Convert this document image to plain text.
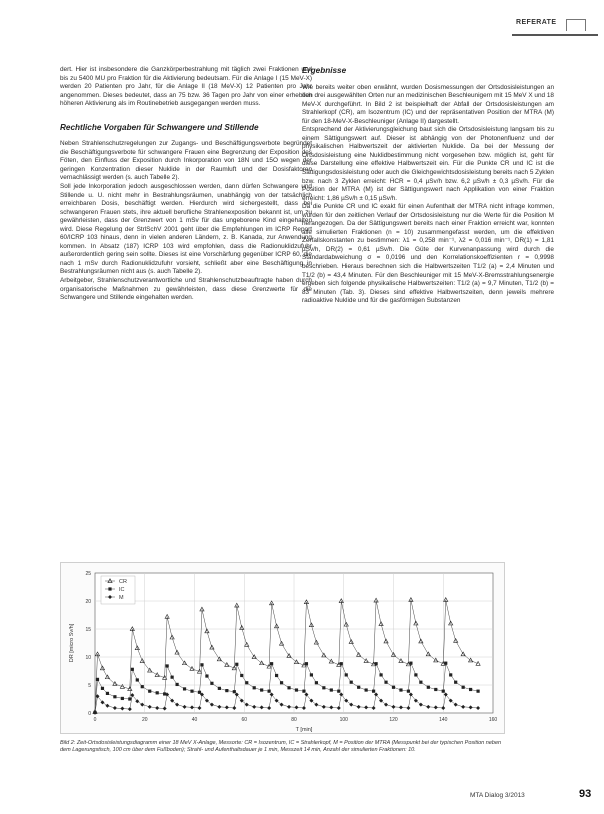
REFERATE

dert. Hier ist insbesondere die Ganzkörperbestrahlung mit täglich zwei Fraktionen und bis zu 5400 MU pro Fraktion für die Aktivierung bedeutsam. Für die Anlage I (15 MeV-X) werden 20 Patienten pro Jahr, für die Anlage II (18 MeV-X) 12 Patienten pro Jahr angenommen. Dieses bedeutet, dass an 75 bzw. 36 Tagen pro Jahr von einer erheblich höheren Aktivierung als im Routinebetrieb ausgegangen werden muss.

Rechtliche Vorgaben für Schwangere und Stillende

Neben Strahlenschutzregelungen zur Zugangs- und Beschäftigungsverbote begründet die Beschäftigungsverbote für schwangere Frauen eine Begrenzung der Exposition des Föten, den Einfluss der Exposition durch Inkorporation von 18N und 15O wegen der geringen Konzentration dieser Nuklide in der Raumluft und der Dosisfaktoren vernachlässigt werden (s. auch Tabelle 2).

Soll jede Inkorporation jedoch ausgeschlossen werden, dann dürfen Schwangere und Stillende u. U. nicht mehr in Bestrahlungsräumen, unabhängig von der tatsächlich erreichbaren Dosis, beschäftigt werden. Hierdurch wird sichergestellt, dass bei schwangeren Frauen stets, ihre aktuell berufliche Strahlenexposition bekannt ist, um zu gewährleisten, dass der Grenzwert von 1 mSv für das ungeborene Kind eingehalten wird. Diese Regelung der StrlSchV 2001 geht über die Empfehlungen im ICRP Report 60/ICRP 103 hinaus, denn in vielen anderen Ländern, z. B. Kanada, zur Anwendung kommen. In Absatz (187) ICRP 103 wird empfohlen, dass die Radionuklidzufuhr außerordentlich gering sein sollte. Dieses ist eine Vorschärfung gegenüber ICRP 60, die nach 1 mSv durch Radionuklidzufuhr vorsieht, schließt aber eine Beschäftigung in Bestrahlungsräumen nicht aus (s. auch Tabelle 2).

Arbeitgeber, Strahlenschutzverantwortliche und Strahlenschutzbeauftragte haben durch organisatorische Maßnahmen zu gewährleisten, dass diese Grenzwerte für die Schwangere und Stillende eingehalten werden.

Ergebnisse

Wie bereits weiter oben erwähnt, wurden Dosismessungen der Ortsdosisleistungen an den drei ausgewählten Orten nur an medizinischen Beschleunigern mit 15 MeV X und 18 MeV-X durchgeführt. In Bild 2 ist beispielhaft der Abfall der Ortsdosisleistungen am Strahlerkopf (CR), am Isozentrum (IC) und der repräsentativen Position der MTRA (M) für den 18-MeV-X-Beschleuniger (Anlage II) dargestellt.

Entsprechend der Aktivierungsgleichung baut sich die Ortsdosisleistung langsam bis zu einem Sättigungswert auf. Dieser ist abhängig von der Photonenfluenz und der physikalischen Halbwertszeit der aktivierten Nuklide. Da bei der Messung der Ortsdosisleistung eine Nuklidbestimmung nicht vorgesehen bzw. möglich ist, geht für diese Darstellung eine effektive Halbwertszeit ein. Für die Punkte CR und IC ist die Sättigungsdosisleistung oder auch die Gleichgewichtsdosisleistung bereits nach 5 Zyklen bzw. nach 3 Zyklen erreicht: ḢCR = 0,4 µSv/h bzw. 6,2 µSv/h ± 0,3 µSv/h. Für die Position der MTRA (M) ist der Sättigungswert nach Applikation von einer Fraktion erreicht: 1,86 µSv/h ± 0,15 µSv/h.

Da die Punkte CR und IC exakt für einen Aufenthalt der MTRA nicht infrage kommen, wurden für den zeitlichen Verlauf der Ortsdosisleistung nur die Werte für die Position M herangezogen. Da der Sättigungswert bereits nach einer Fraktion erreicht war, konnten alle simulierten Fraktionen (n = 10) zusammengefasst werden, um die effektiven Zerfallskonstanten zu bestimmen: λ1 = 0,258 min⁻¹, λ2 = 0,016 min⁻¹, DR(1) = 1,81 µSv/h, DR(2) = 0,61 µSv/h. Die Güte der Kurvenanpassung wird durch die Standardabweichung σ = 0,0196 und den Korrelationskoeffizienten r = 0,9998 beschrieben. Hieraus berechnen sich die Halbwertszeiten T1/2 (a) = 2,4 Minuten und T1/2 (b) = 43,4 Minuten. Für den Beschleuniger mit 15 MeV-X-Bremsstrahlungsenergie ergeben sich folgende physikalische Halbwertszeiten: T1/2 (a) = 9,7 Minuten, T1/2 (b) = 83 Minuten (Tab. 3). Dieses sind effektive Halbwertszeiten, denn jeweils mehrere radioaktive Nuklide und für die gasförmigen Substanzen

0
5
10
15
20
25
0	20	40	60	80	100	120	140	160
T [min]
DR [micro Sv/h]
CR
IC
M
Bild 2: Zeit-Ortsdosisleistungsdiagramm einer 18 MeV X-Anlage, Messorte: CR = Isozentrum, IC = Strahlerkopf, M = Position der MTRA (Messpunkt bei der typischen Position neben dem Lagerungstisch, 100 cm über dem Fußboden); Strahl- und Aufenthaltsdauer je 1 min, Messzeit 14 min, Anzahl der simulierten Fraktionen: 10.
MTA Dialog 3/2013	93
